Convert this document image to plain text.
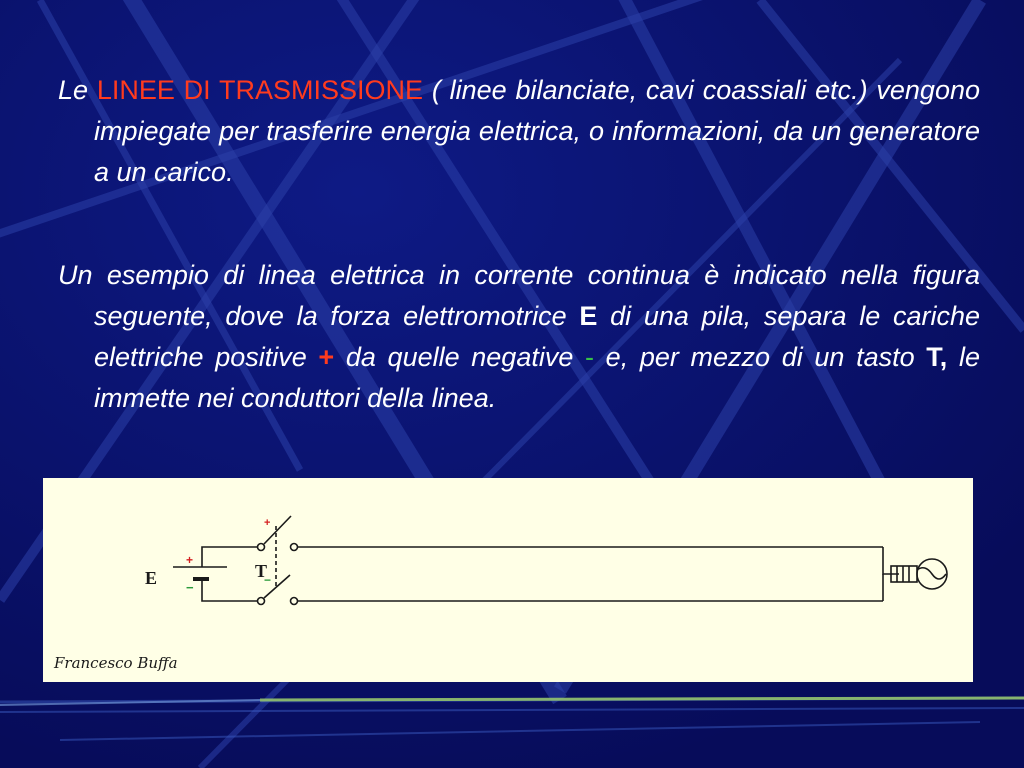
Le LINEE DI TRASMISSIONE ( linee bilanciate, cavi coassiali etc.) vengono impiegate per trasferire energia elettrica, o informazioni, da un generatore a un carico.
Un esempio di linea elettrica in corrente continua è indicato nella figura seguente, dove la forza elettromotrice E di una pila, separa le cariche elettriche positive + da quelle negative - e, per mezzo di un tasto T, le immette nei conduttori della linea.
E	T
+
−
+
−
Francesco Buffa
